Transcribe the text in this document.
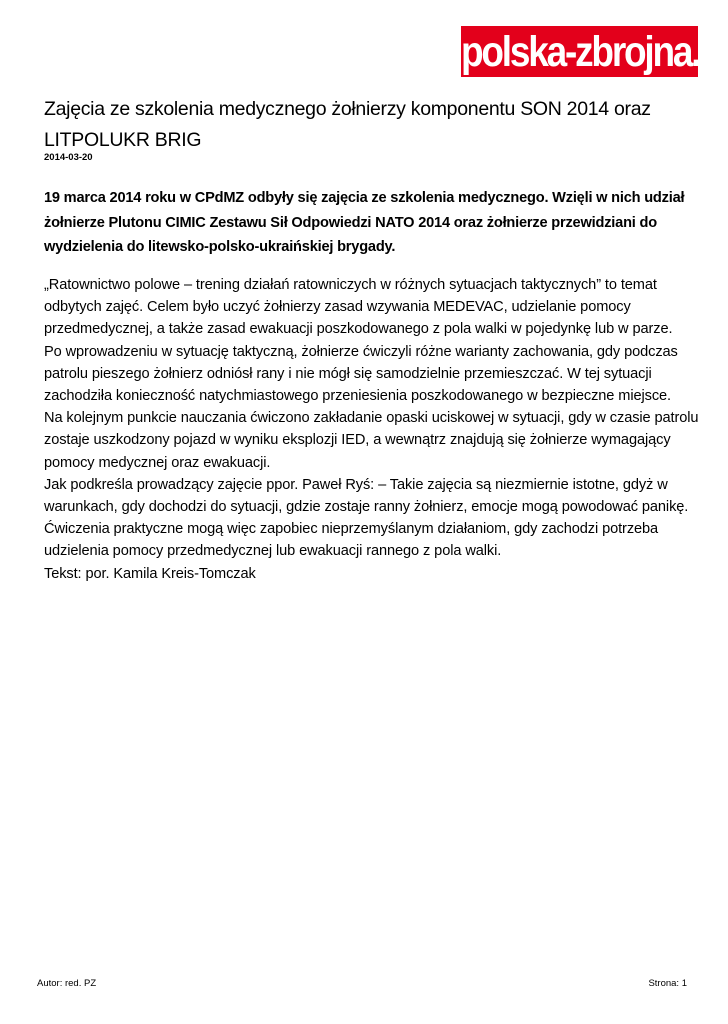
polska-zbrojna.pl
Zajęcia ze szkolenia medycznego żołnierzy komponentu SON 2014 oraz LITPOLUKR BRIG
2014-03-20

19 marca 2014 roku w CPdMZ odbyły się zajęcia ze szkolenia medycznego. Wzięli w nich udział żołnierze Plutonu CIMIC Zestawu Sił Odpowiedzi NATO 2014 oraz żołnierze przewidziani do wydzielenia do litewsko-polsko-ukraińskiej brygady.

„Ratownictwo polowe – trening działań ratowniczych w różnych sytuacjach taktycznych” to temat odbytych zajęć. Celem było uczyć żołnierzy zasad wzywania MEDEVAC, udzielanie pomocy przedmedycznej, a także zasad ewakuacji poszkodowanego z pola walki w pojedynkę lub w parze.

Po wprowadzeniu w sytuację taktyczną, żołnierze ćwiczyli różne warianty zachowania, gdy podczas patrolu pieszego żołnierz odniósł rany i nie mógł się samodzielnie przemieszczać. W tej sytuacji zachodziła konieczność natychmiastowego przeniesienia poszkodowanego w bezpieczne miejsce.

Na kolejnym punkcie nauczania ćwiczono zakładanie opaski uciskowej w sytuacji, gdy w czasie patrolu zostaje uszkodzony pojazd w wyniku eksplozji IED, a wewnątrz znajdują się żołnierze wymagający pomocy medycznej oraz ewakuacji.

Jak podkreśla prowadzący zajęcie ppor. Paweł Ryś: – Takie zajęcia są niezmiernie istotne, gdyż w warunkach, gdy dochodzi do sytuacji, gdzie zostaje ranny żołnierz, emocje mogą powodować panikę. Ćwiczenia praktyczne mogą więc zapobiec nieprzemyślanym działaniom, gdy zachodzi potrzeba udzielenia pomocy przedmedycznej lub ewakuacji rannego z pola walki.

Tekst: por. Kamila Kreis-Tomczak

Autor: red. PZ	Strona: 1
